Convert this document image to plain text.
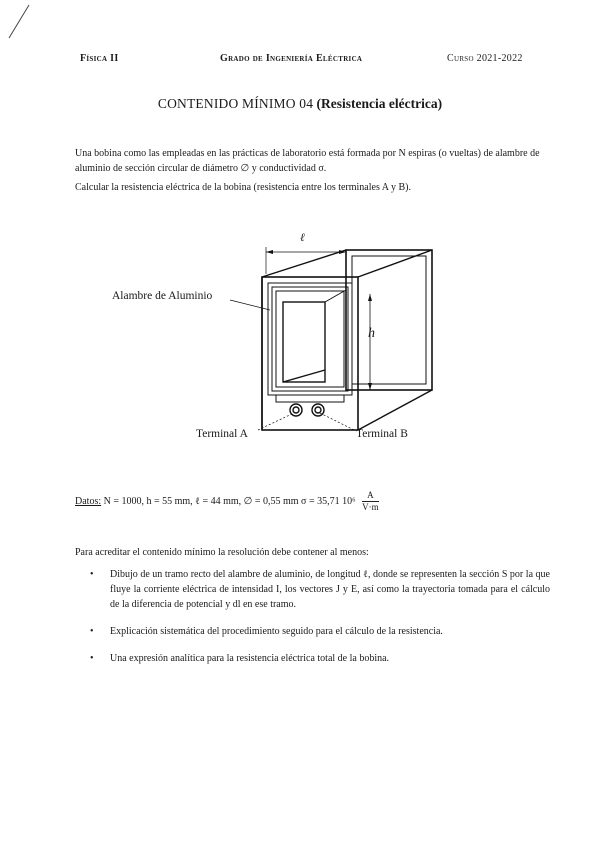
Física II	Grado de Ingeniería Eléctrica	Curso 2021-2022
CONTENIDO MÍNIMO 04 (Resistencia eléctrica)
Una bobina como las empleadas en las prácticas de laboratorio está formada por N espiras (o vueltas) de alambre de aluminio de sección circular de diámetro ∅ y conductividad σ.
Calcular la resistencia eléctrica de la bobina (resistencia entre los terminales A y B).
ℓ
h
Alambre de Aluminio
Terminal A	Terminal B
Datos: N = 1000, h = 55 mm, ℓ = 44 mm, ∅ = 0,55 mm σ = 35,71 $10^6 \frac{A}{V\cdot m}$
Para acreditar el contenido mínimo la resolución debe contener al menos:
• Dibujo de un tramo recto del alambre de aluminio, de longitud ℓ, donde se representen la sección S por la que fluye la corriente eléctrica de intensidad I, los vectores J y E, así como la trayectoria tomada para el cálculo de la diferencia de potencial y dl en ese tramo.
• Explicación sistemática del procedimiento seguido para el cálculo de la resistencia.
• Una expresión analítica para la resistencia eléctrica total de la bobina.
